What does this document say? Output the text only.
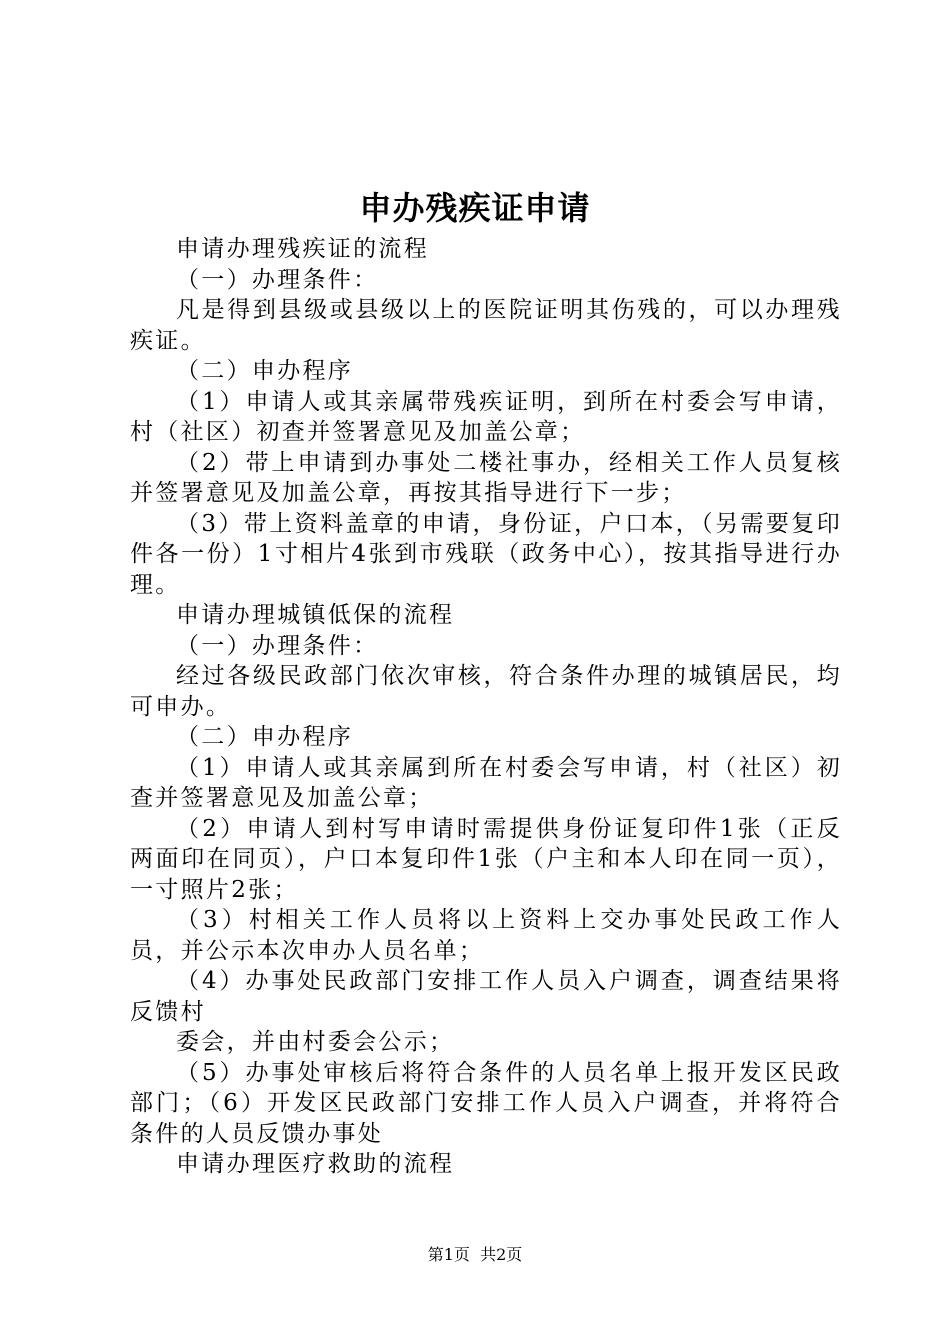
申办残疾证申请

申请办理残疾证的流程

（一）办理条件：

凡是得到县级或县级以上的医院证明其伤残的，可以办理残疾证。

（二）申办程序

（1）申请人或其亲属带残疾证明，到所在村委会写申请，村（社区）初查并签署意见及加盖公章；

（2）带上申请到办事处二楼社事办，经相关工作人员复核并签署意见及加盖公章，再按其指导进行下一步；

（3）带上资料盖章的申请，身份证，户口本，（另需要复印件各一份）1寸相片4张到市残联（政务中心），按其指导进行办理。

申请办理城镇低保的流程

（一）办理条件：

经过各级民政部门依次审核，符合条件办理的城镇居民，均可申办。

（二）申办程序

（1）申请人或其亲属到所在村委会写申请，村（社区）初查并签署意见及加盖公章；

（2）申请人到村写申请时需提供身份证复印件1张（正反两面印在同页），户口本复印件1张（户主和本人印在同一页），一寸照片2张；

（3）村相关工作人员将以上资料上交办事处民政工作人员，并公示本次申办人员名单；

（4）办事处民政部门安排工作人员入户调查，调查结果将反馈村

委会，并由村委会公示；

（5）办事处审核后将符合条件的人员名单上报开发区民政部门；（6）开发区民政部门安排工作人员入户调查，并将符合条件的人员反馈办事处

申请办理医疗救助的流程

第1页  共2页
